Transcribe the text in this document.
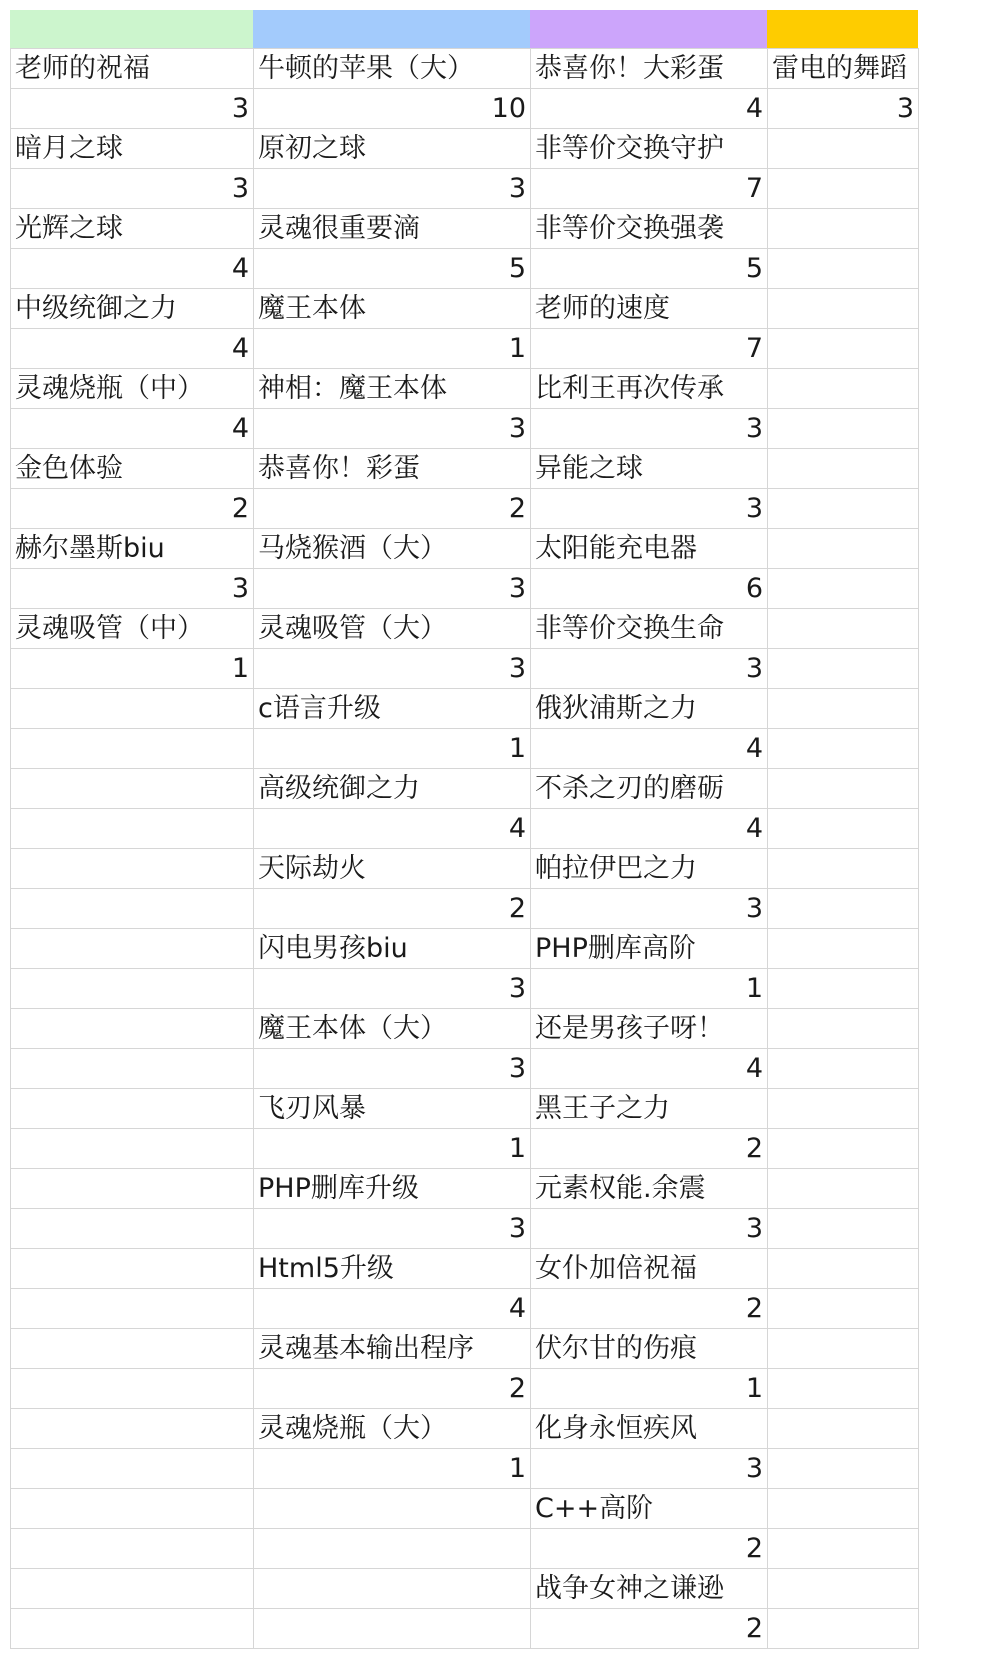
老师的祝福	牛顿的苹果（大）	恭喜你！大彩蛋	雷电的舞蹈
3	10	4	3
暗月之球	原初之球	非等价交换守护	
3	3	7	
光辉之球	灵魂很重要滴	非等价交换强袭	
4	5	5	
中级统御之力	魔王本体	老师的速度	
4	1	7	
灵魂烧瓶（中）	神相：魔王本体	比利王再次传承	
4	3	3	
金色体验	恭喜你！彩蛋	异能之球	
2	2	3	
赫尔墨斯biu	马烧猴酒（大）	太阳能充电器	
3	3	6	
灵魂吸管（中）	灵魂吸管（大）	非等价交换生命	
1	3	3	
	c语言升级	俄狄浦斯之力	
	1	4	
	高级统御之力	不杀之刃的磨砺	
	4	4	
	天际劫火	帕拉伊巴之力	
	2	3	
	闪电男孩biu	PHP删库高阶	
	3	1	
	魔王本体（大）	还是男孩子呀！	
	3	4	
	飞刃风暴	黑王子之力	
	1	2	
	PHP删库升级	元素权能.余震	
	3	3	
	Html5升级	女仆加倍祝福	
	4	2	
	灵魂基本输出程序	伏尔甘的伤痕	
	2	1	
	灵魂烧瓶（大）	化身永恒疾风	
	1	3	
		C++高阶	
		2	
		战争女神之谦逊	
		2	
